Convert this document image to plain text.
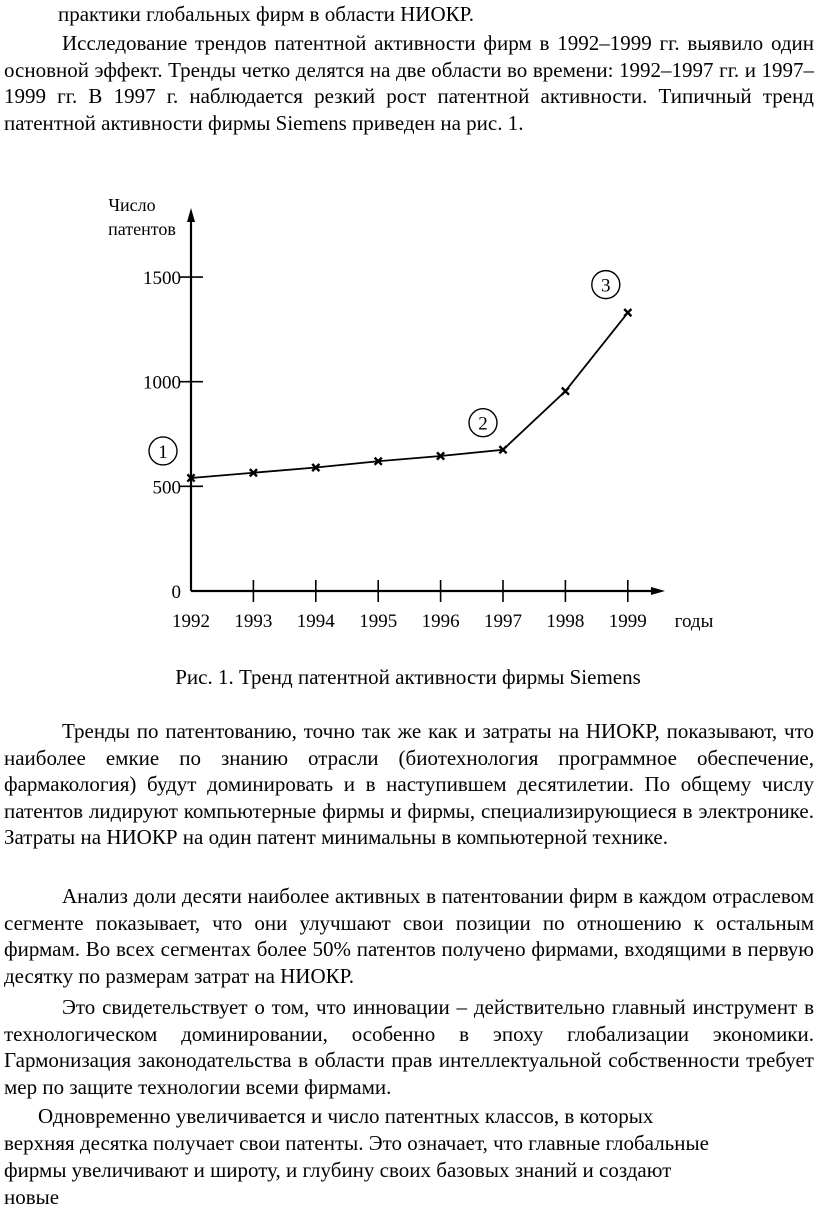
практики глобальных фирм в области НИОКР.

Исследование трендов патентной активности фирм в 1992–1999 гг. выявило один основной эффект. Тренды четко делятся на две области во времени: 1992–1997 гг. и 1997–1999 гг. В 1997 г. наблюдается резкий рост патентной активности. Типичный тренд патентной активности фирмы Siemens приведен на рис. 1.

0
500
1000
1500
1992 1993 1994 1995 1996 1997 1998 1999
Число
патентов
годы
1
2
3
Рис. 1. Тренд патентной активности фирмы Siemens

Тренды по патентованию, точно так же как и затраты на НИОКР, показывают, что наиболее емкие по знанию отрасли (биотехнология программное обеспечение, фармакология) будут доминировать и в наступившем десятилетии. По общему числу патентов лидируют компьютерные фирмы и фирмы, специализирующиеся в электронике. Затраты на НИОКР на один патент минимальны в компьютерной технике.

Анализ доли десяти наиболее активных в патентовании фирм в каждом отраслевом сегменте показывает, что они улучшают свои позиции по отношению к остальным фирмам. Во всех сегментах более 50% патентов получено фирмами, входящими в первую десятку по размерам затрат на НИОКР.

Это свидетельствует о том, что инновации – действительно главный инструмент в технологическом доминировании, особенно в эпоху глобализации экономики. Гармонизация законодательства в области прав интеллектуальной собственности требует мер по защите технологии всеми фирмами.

Одновременно увеличивается и число патентных классов, в которых

верхняя десятка получает свои патенты. Это означает, что главные глобальные

фирмы увеличивают и широту, и глубину своих базовых знаний и создают

новые
